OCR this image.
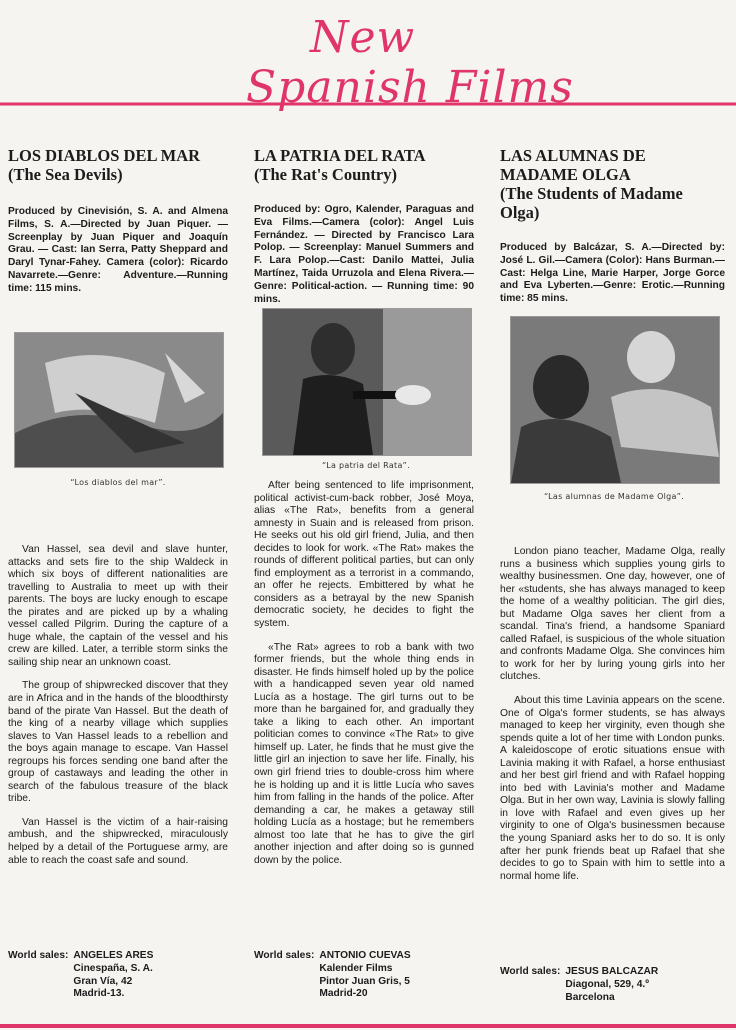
New
Spanish Films
LOS DIABLOS DEL MAR
(The Sea Devils)

Produced by Cinevisión, S. A. and Almena Films, S. A.—Directed by Juan Piquer. — Screenplay by Juan Piquer and Joaquín Grau. — Cast: Ian Serra, Patty Sheppard and Daryl Tynar-Fahey. Camera (color): Ricardo Navarrete.—Genre: Adventure.—Running time: 115 mins.

“Los diablos del mar”.

Van Hassel, sea devil and slave hunter, attacks and sets fire to the ship Waldeck in which six boys of different nationalities are travelling to Australia to meet up with their parents. The boys are lucky enough to escape the pirates and are picked up by a whaling vessel called Pilgrim. During the capture of a huge whale, the captain of the vessel and his crew are killed. Later, a terrible storm sinks the sailing ship near an unknown coast.

The group of shipwrecked discover that they are in Africa and in the hands of the bloodthirsty band of the pirate Van Hassel. But the death of the king of a nearby village which supplies slaves to Van Hassel leads to a rebellion and the boys again manage to escape. Van Hassel regroups his forces sending one band after the group of castaways and leading the other in search of the fabulous treasure of the black tribe.

Van Hassel is the victim of a hair-raising ambush, and the shipwrecked, miraculously helped by a detail of the Portuguese army, are able to reach the coast safe and sound.

World sales: ANGELES ARES
Cinespaña, S. A.
Gran Vía, 42
Madrid-13.
LA PATRIA DEL RATA
(The Rat's Country)

Produced by: Ogro, Kalender, Paraguas and Eva Films.—Camera (color): Angel Luis Fernández. — Directed by Francisco Lara Polop. — Screenplay: Manuel Summers and F. Lara Polop.—Cast: Danilo Mattei, Julia Martínez, Taida Urruzola and Elena Rivera.—Genre: Political-action. — Running time: 90 mins.

“La patria del Rata”.

After being sentenced to life imprisonment, political activist-cum-back robber, José Moya, alias «The Rat», benefits from a general amnesty in Suain and is released from prison. He seeks out his old girl friend, Julia, and then decides to look for work. «The Rat» makes the rounds of different political parties, but can only find employment as a terrorist in a commando, an offer he rejects. Embittered by what he considers as a betrayal by the new Spanish democratic society, he decides to fight the system.

«The Rat» agrees to rob a bank with two former friends, but the whole thing ends in disaster. He finds himself holed up by the police with a handicapped seven year old named Lucía as a hostage. The girl turns out to be more than he bargained for, and gradually they take a liking to each other. An important politician comes to convince «The Rat» to give himself up. Later, he finds that he must give the little girl an injection to save her life. Finally, his own girl friend tries to double-cross him where he is holding up and it is little Lucía who saves him from falling in the hands of the police. After demanding a car, he makes a getaway still holding Lucía as a hostage; but he remembers almost too late that he has to give the girl another injection and after doing so is gunned down by the police.

World sales: ANTONIO CUEVAS
Kalender Films
Pintor Juan Gris, 5
Madrid-20
LAS ALUMNAS DE MADAME OLGA
(The Students of Madame Olga)

Produced by Balcázar, S. A.—Directed by: José L. Gil.—Camera (Color): Hans Burman.—Cast: Helga Line, Marie Harper, Jorge Gorce and Eva Lyberten.—Genre: Erotic.—Running time: 85 mins.

“Las alumnas de Madame Olga”.

London piano teacher, Madame Olga, really runs a business which supplies young girls to wealthy businessmen. One day, however, one of her «students, she has always managed to keep the home of a wealthy politician. The girl dies, but Madame Olga saves her client from a scandal. Tina's friend, a handsome Spaniard called Rafael, is suspicious of the whole situation and confronts Madame Olga. She convinces him to work for her by luring young girls into her clutches.

About this time Lavinia appears on the scene. One of Olga's former students, se has always managed to keep her virginity, even though she spends quite a lot of her time with London punks. A kaleidoscope of erotic situations ensue with Lavinia making it with Rafael, a horse enthusiast and her best girl friend and with Rafael hopping into bed with Lavinia's mother and Madame Olga. But in her own way, Lavinia is slowly falling in love with Rafael and even gives up her virginity to one of Olga's businessmen because the young Spaniard asks her to do so. It is only after her punk friends beat up Rafael that she decides to go to Spain with him to settle into a normal home life.

World sales: JESUS BALCAZAR
Diagonal, 529, 4.º
Barcelona
